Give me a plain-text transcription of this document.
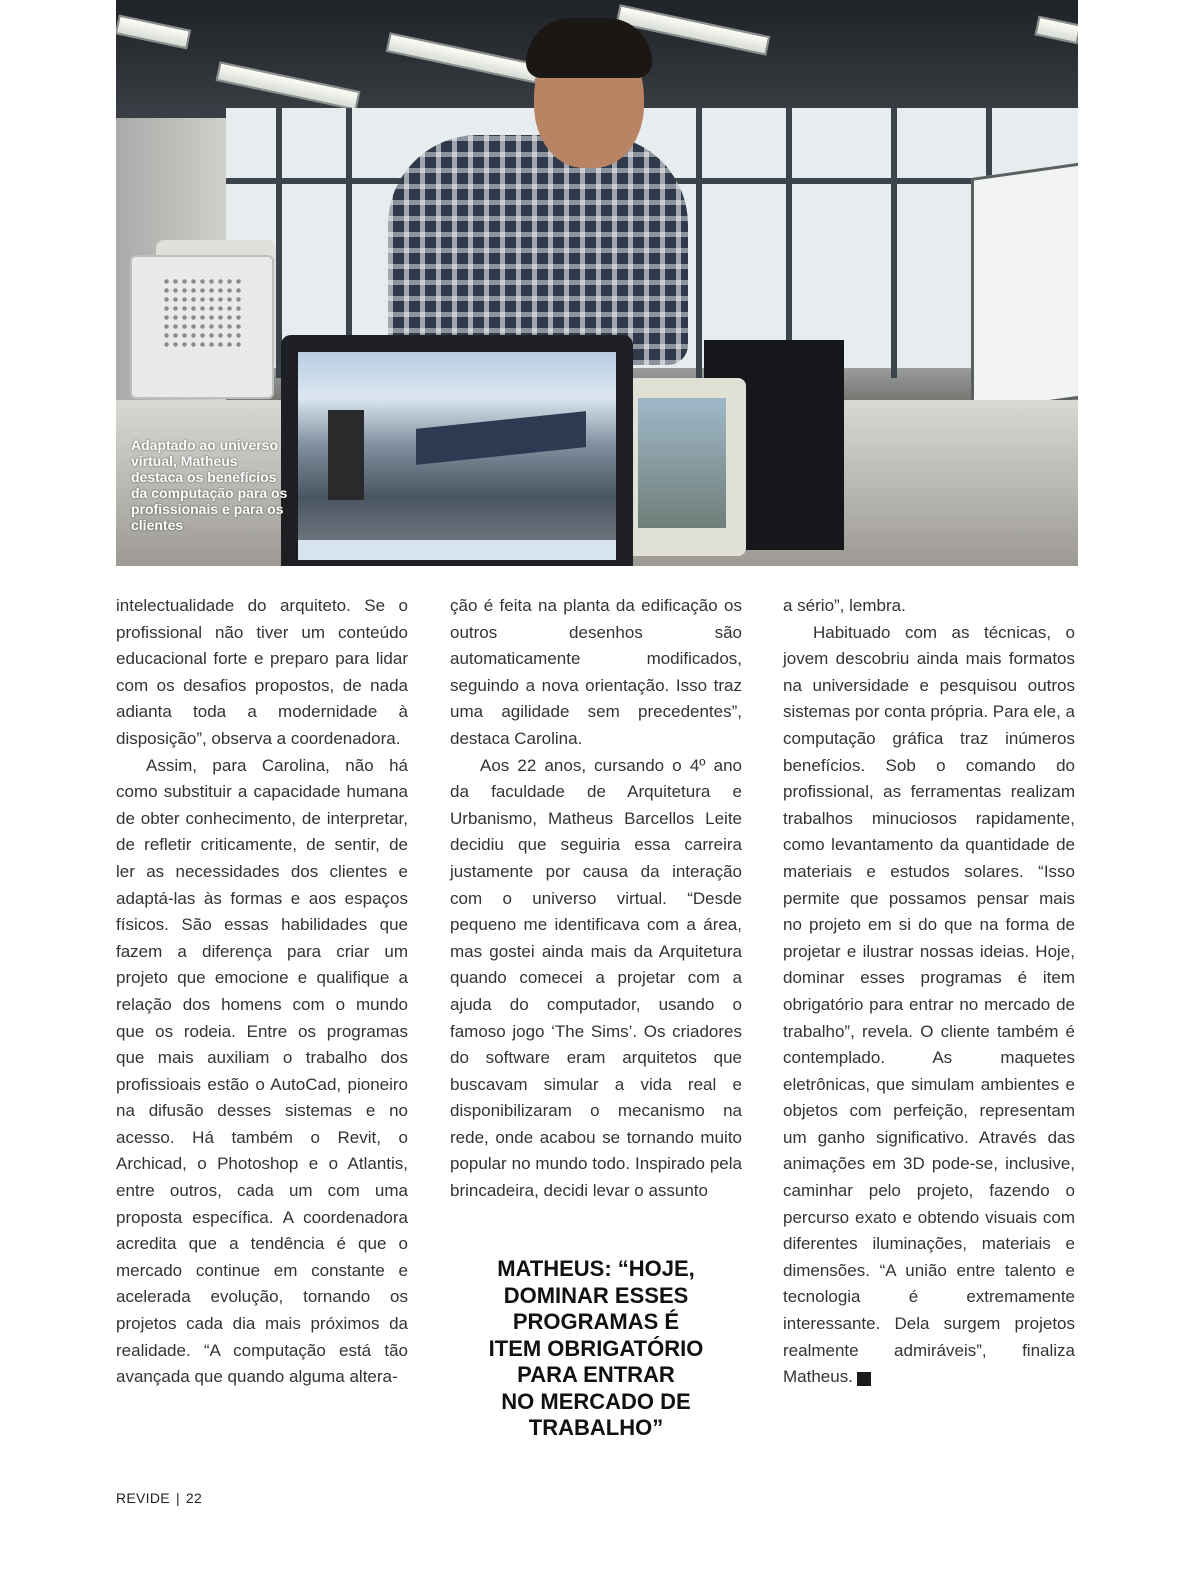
Adaptado ao universo virtual, Matheus destaca os benefícios da computação para os profissionais e para os clientes

intelectualidade do arquiteto. Se o profissional não tiver um conteúdo educacional forte e preparo para lidar com os desafios propostos, de nada adianta toda a modernidade à disposição”, observa a coordenadora.

Assim, para Carolina, não há como substituir a capacidade humana de obter conhecimento, de interpretar, de refletir criticamente, de sentir, de ler as necessidades dos clientes e adaptá-las às formas e aos espaços físicos. São essas habilidades que fazem a diferença para criar um projeto que emocione e qualifique a relação dos homens com o mundo que os rodeia. Entre os programas que mais auxiliam o trabalho dos profissioais estão o AutoCad, pioneiro na difusão desses sistemas e no acesso. Há também o Revit, o Archicad, o Photoshop e o Atlantis, entre outros, cada um com uma proposta específica. A coordenadora acredita que a tendência é que o mercado continue em constante e acelerada evolução, tornando os projetos cada dia mais próximos da realidade. “A computação está tão avançada que quando alguma altera-

ção é feita na planta da edificação os outros desenhos são automaticamente modificados, seguindo a nova orientação. Isso traz uma agilidade sem precedentes”, destaca Carolina.

Aos 22 anos, cursando o 4º ano da faculdade de Arquitetura e Urbanismo, Matheus Barcellos Leite decidiu que seguiria essa carreira justamente por causa da interação com o universo virtual. “Desde pequeno me identificava com a área, mas gostei ainda mais da Arquitetura quando comecei a projetar com a ajuda do computador, usando o famoso jogo ‘The Sims’. Os criadores do software eram arquitetos que buscavam simular a vida real e disponibilizaram o mecanismo na rede, onde acabou se tornando muito popular no mundo todo. Inspirado pela brincadeira, decidi levar o assunto

MATHEUS: “HOJE,
DOMINAR ESSES
PROGRAMAS É
ITEM OBRIGATÓRIO
PARA ENTRAR
NO MERCADO DE
TRABALHO”

a sério”, lembra.

Habituado com as técnicas, o jovem descobriu ainda mais formatos na universidade e pesquisou outros sistemas por conta própria. Para ele, a computação gráfica traz inúmeros benefícios. Sob o comando do profissional, as ferramentas realizam trabalhos minuciosos rapidamente, como levantamento da quantidade de materiais e estudos solares. “Isso permite que possamos pensar mais no projeto em si do que na forma de projetar e ilustrar nossas ideias. Hoje, dominar esses programas é item obrigatório para entrar no mercado de trabalho”, revela. O cliente também é contemplado. As maquetes eletrônicas, que simulam ambientes e objetos com perfeição, representam um ganho significativo. Através das animações em 3D pode-se, inclusive, caminhar pelo projeto, fazendo o percurso exato e obtendo visuais com diferentes iluminações, materiais e dimensões. “A união entre talento e tecnologia é extremamente interessante. Dela surgem projetos realmente admiráveis”, finaliza Matheus.	r

REVIDE | 22
